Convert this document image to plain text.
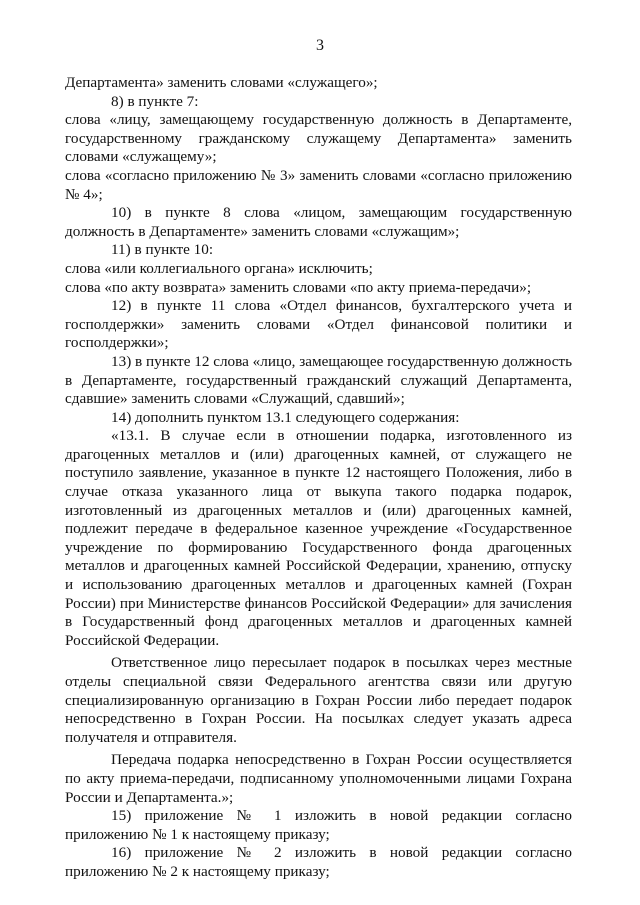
3

Департамента» заменить словами «служащего»;

8) в пункте 7:

слова «лицу, замещающему государственную должность в Департаменте, государственному гражданскому служащему Департамента» заменить словами «служащему»;

слова «согласно приложению № 3» заменить словами «согласно приложению № 4»;

10) в пункте 8 слова «лицом, замещающим государственную должность в Департаменте» заменить словами «служащим»;

11) в пункте 10:

слова «или коллегиального органа» исключить;

слова «по акту возврата» заменить словами «по акту приема-передачи»;

12) в пункте 11 слова «Отдел финансов, бухгалтерского учета и госполдержки» заменить словами «Отдел финансовой политики и госполдержки»;

13) в пункте 12 слова «лицо, замещающее государственную должность в Департаменте, государственный гражданский служащий Департамента, сдавшие» заменить словами «Служащий, сдавший»;

14) дополнить пунктом 13.1 следующего содержания:

«13.1. В случае если в отношении подарка, изготовленного из драгоценных металлов и (или) драгоценных камней, от служащего не поступило заявление, указанное в пункте 12 настоящего Положения, либо в случае отказа указанного лица от выкупа такого подарка подарок, изготовленный из драгоценных металлов и (или) драгоценных камней, подлежит передаче в федеральное казенное учреждение «Государственное учреждение по формированию Государственного фонда драгоценных металлов и драгоценных камней Российской Федерации, хранению, отпуску и использованию драгоценных металлов и драгоценных камней (Гохран России) при Министерстве финансов Российской Федерации» для зачисления в Государственный фонд драгоценных металлов и драгоценных камней Российской Федерации.

Ответственное лицо пересылает подарок в посылках через местные отделы специальной связи Федерального агентства связи или другую специализированную организацию в Гохран России либо передает подарок непосредственно в Гохран России. На посылках следует указать адреса получателя и отправителя.

Передача подарка непосредственно в Гохран России осуществляется по акту приема-передачи, подписанному уполномоченными лицами Гохрана России и Департамента.»;

15) приложение № 1 изложить в новой редакции согласно приложению № 1 к настоящему приказу;

16) приложение № 2 изложить в новой редакции согласно приложению № 2 к настоящему приказу;
